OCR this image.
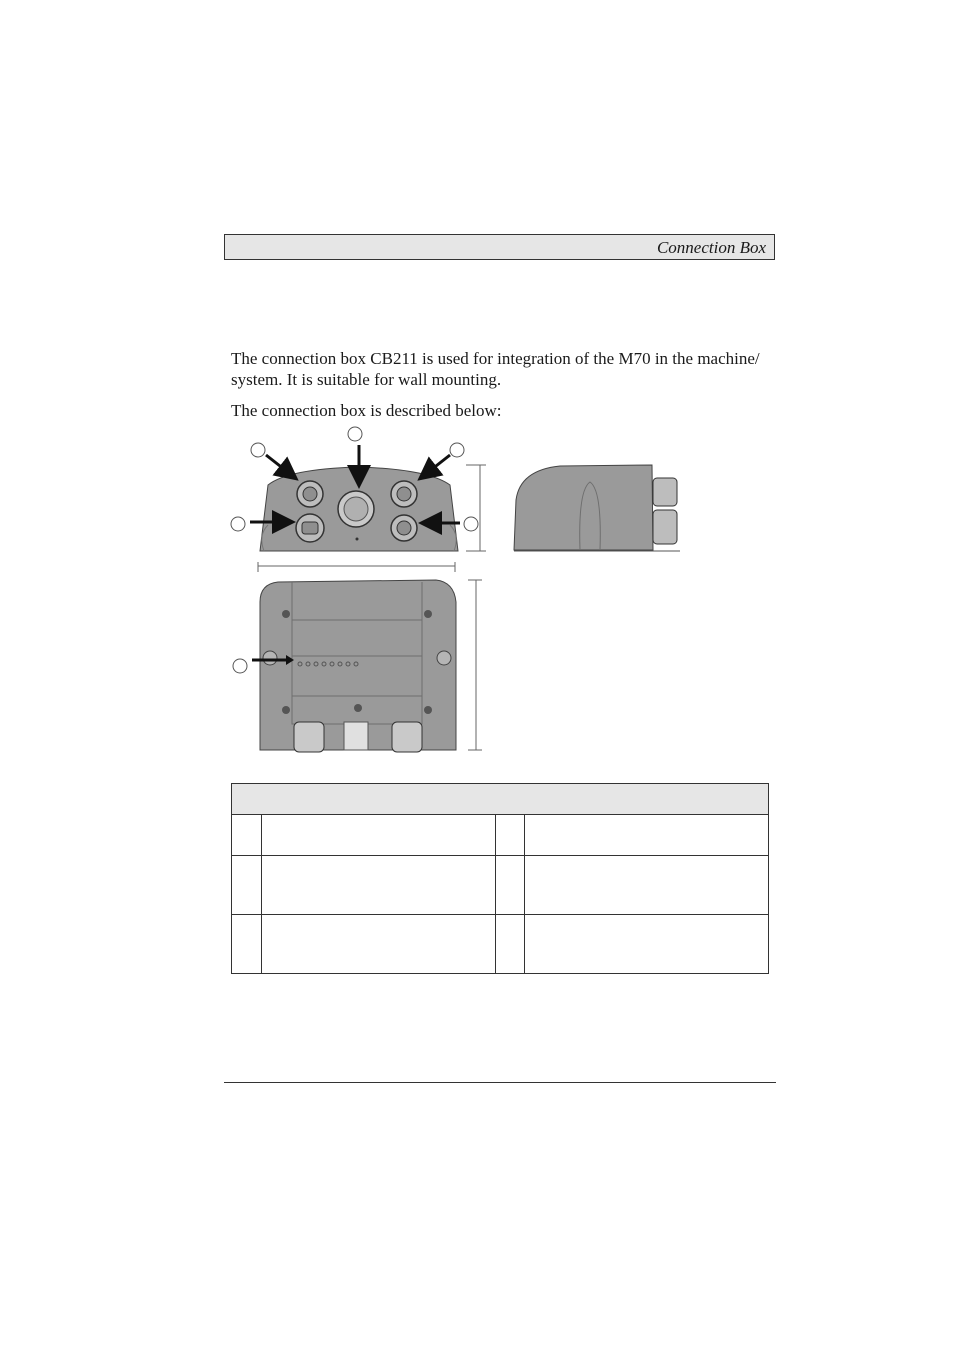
Connection Box

The connection box CB211 is used for integration of the M70 in the machine/ system. It is suitable for wall mounting.

The connection box is described below:
